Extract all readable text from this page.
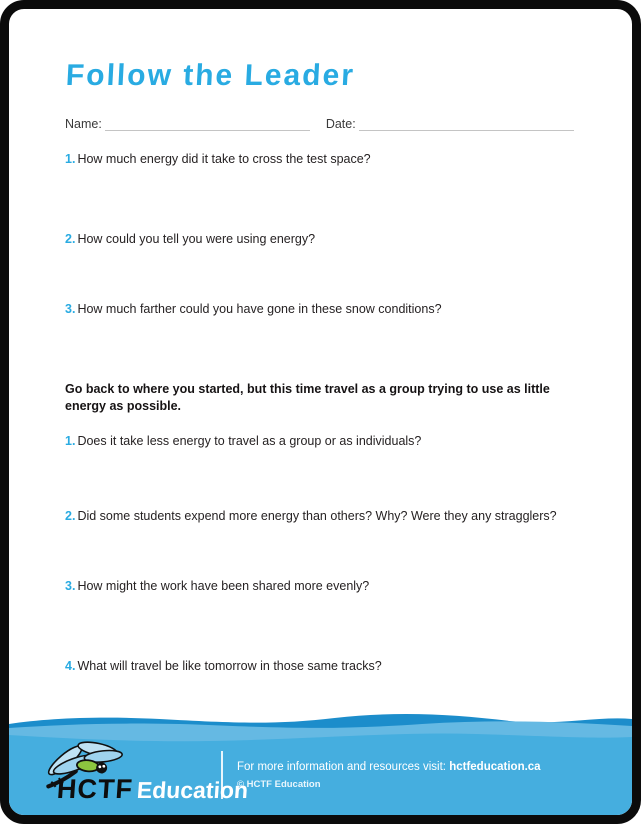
Follow the Leader
Name:	Date:
1. How much energy did it take to cross the test space?
2. How could you tell you were using energy?
3. How much farther could you have gone in these snow conditions?
Go back to where you started, but this time travel as a group trying to use as little energy as possible.
1. Does it take less energy to travel as a group or as individuals?
2. Did some students expend more energy than others? Why? Were they any stragglers?
3. How might the work have been shared more evenly?
4. What will travel be like tomorrow in those same tracks?
HCTFEducation
For more information and resources visit: hctfeducation.ca
© HCTF Education
